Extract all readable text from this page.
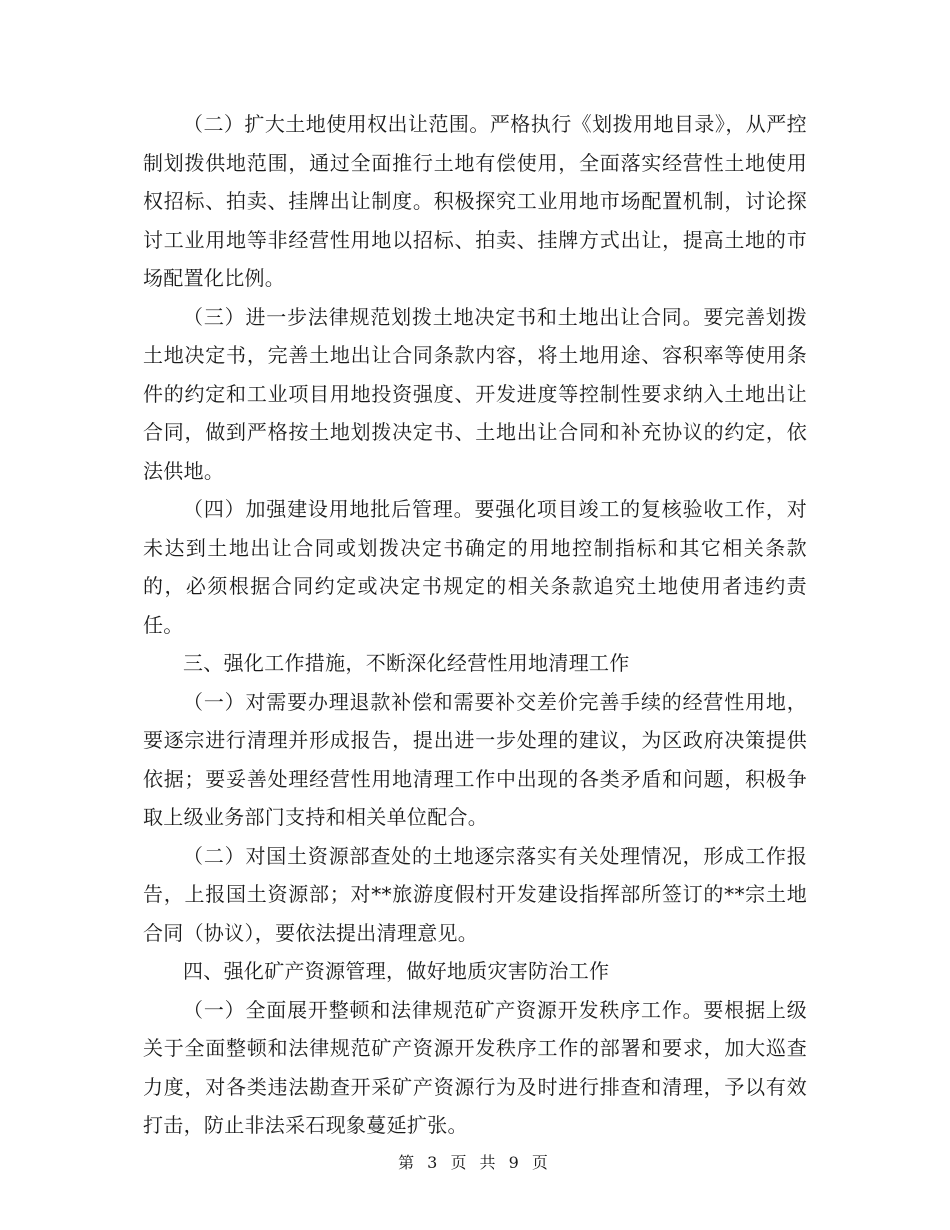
（二）扩大土地使用权出让范围。严格执行《划拨用地目录》，从严控制划拨供地范围，通过全面推行土地有偿使用，全面落实经营性土地使用权招标、拍卖、挂牌出让制度。积极探究工业用地市场配置机制，讨论探讨工业用地等非经营性用地以招标、拍卖、挂牌方式出让，提高土地的市场配置化比例。

（三）进一步法律规范划拨土地决定书和土地出让合同。要完善划拨土地决定书，完善土地出让合同条款内容，将土地用途、容积率等使用条件的约定和工业项目用地投资强度、开发进度等控制性要求纳入土地出让合同，做到严格按土地划拨决定书、土地出让合同和补充协议的约定，依法供地。

（四）加强建设用地批后管理。要强化项目竣工的复核验收工作，对未达到土地出让合同或划拨决定书确定的用地控制指标和其它相关条款的，必须根据合同约定或决定书规定的相关条款追究土地使用者违约责任。

三、强化工作措施，不断深化经营性用地清理工作

（一）对需要办理退款补偿和需要补交差价完善手续的经营性用地，要逐宗进行清理并形成报告，提出进一步处理的建议，为区政府决策提供依据；要妥善处理经营性用地清理工作中出现的各类矛盾和问题，积极争取上级业务部门支持和相关单位配合。

（二）对国土资源部查处的土地逐宗落实有关处理情况，形成工作报告，上报国土资源部；对**旅游度假村开发建设指挥部所签订的**宗土地合同（协议），要依法提出清理意见。

四、强化矿产资源管理，做好地质灾害防治工作

（一）全面展开整顿和法律规范矿产资源开发秩序工作。要根据上级关于全面整顿和法律规范矿产资源开发秩序工作的部署和要求，加大巡查力度，对各类违法勘查开采矿产资源行为及时进行排查和清理，予以有效打击，防止非法采石现象蔓延扩张。

第 3 页 共 9 页
